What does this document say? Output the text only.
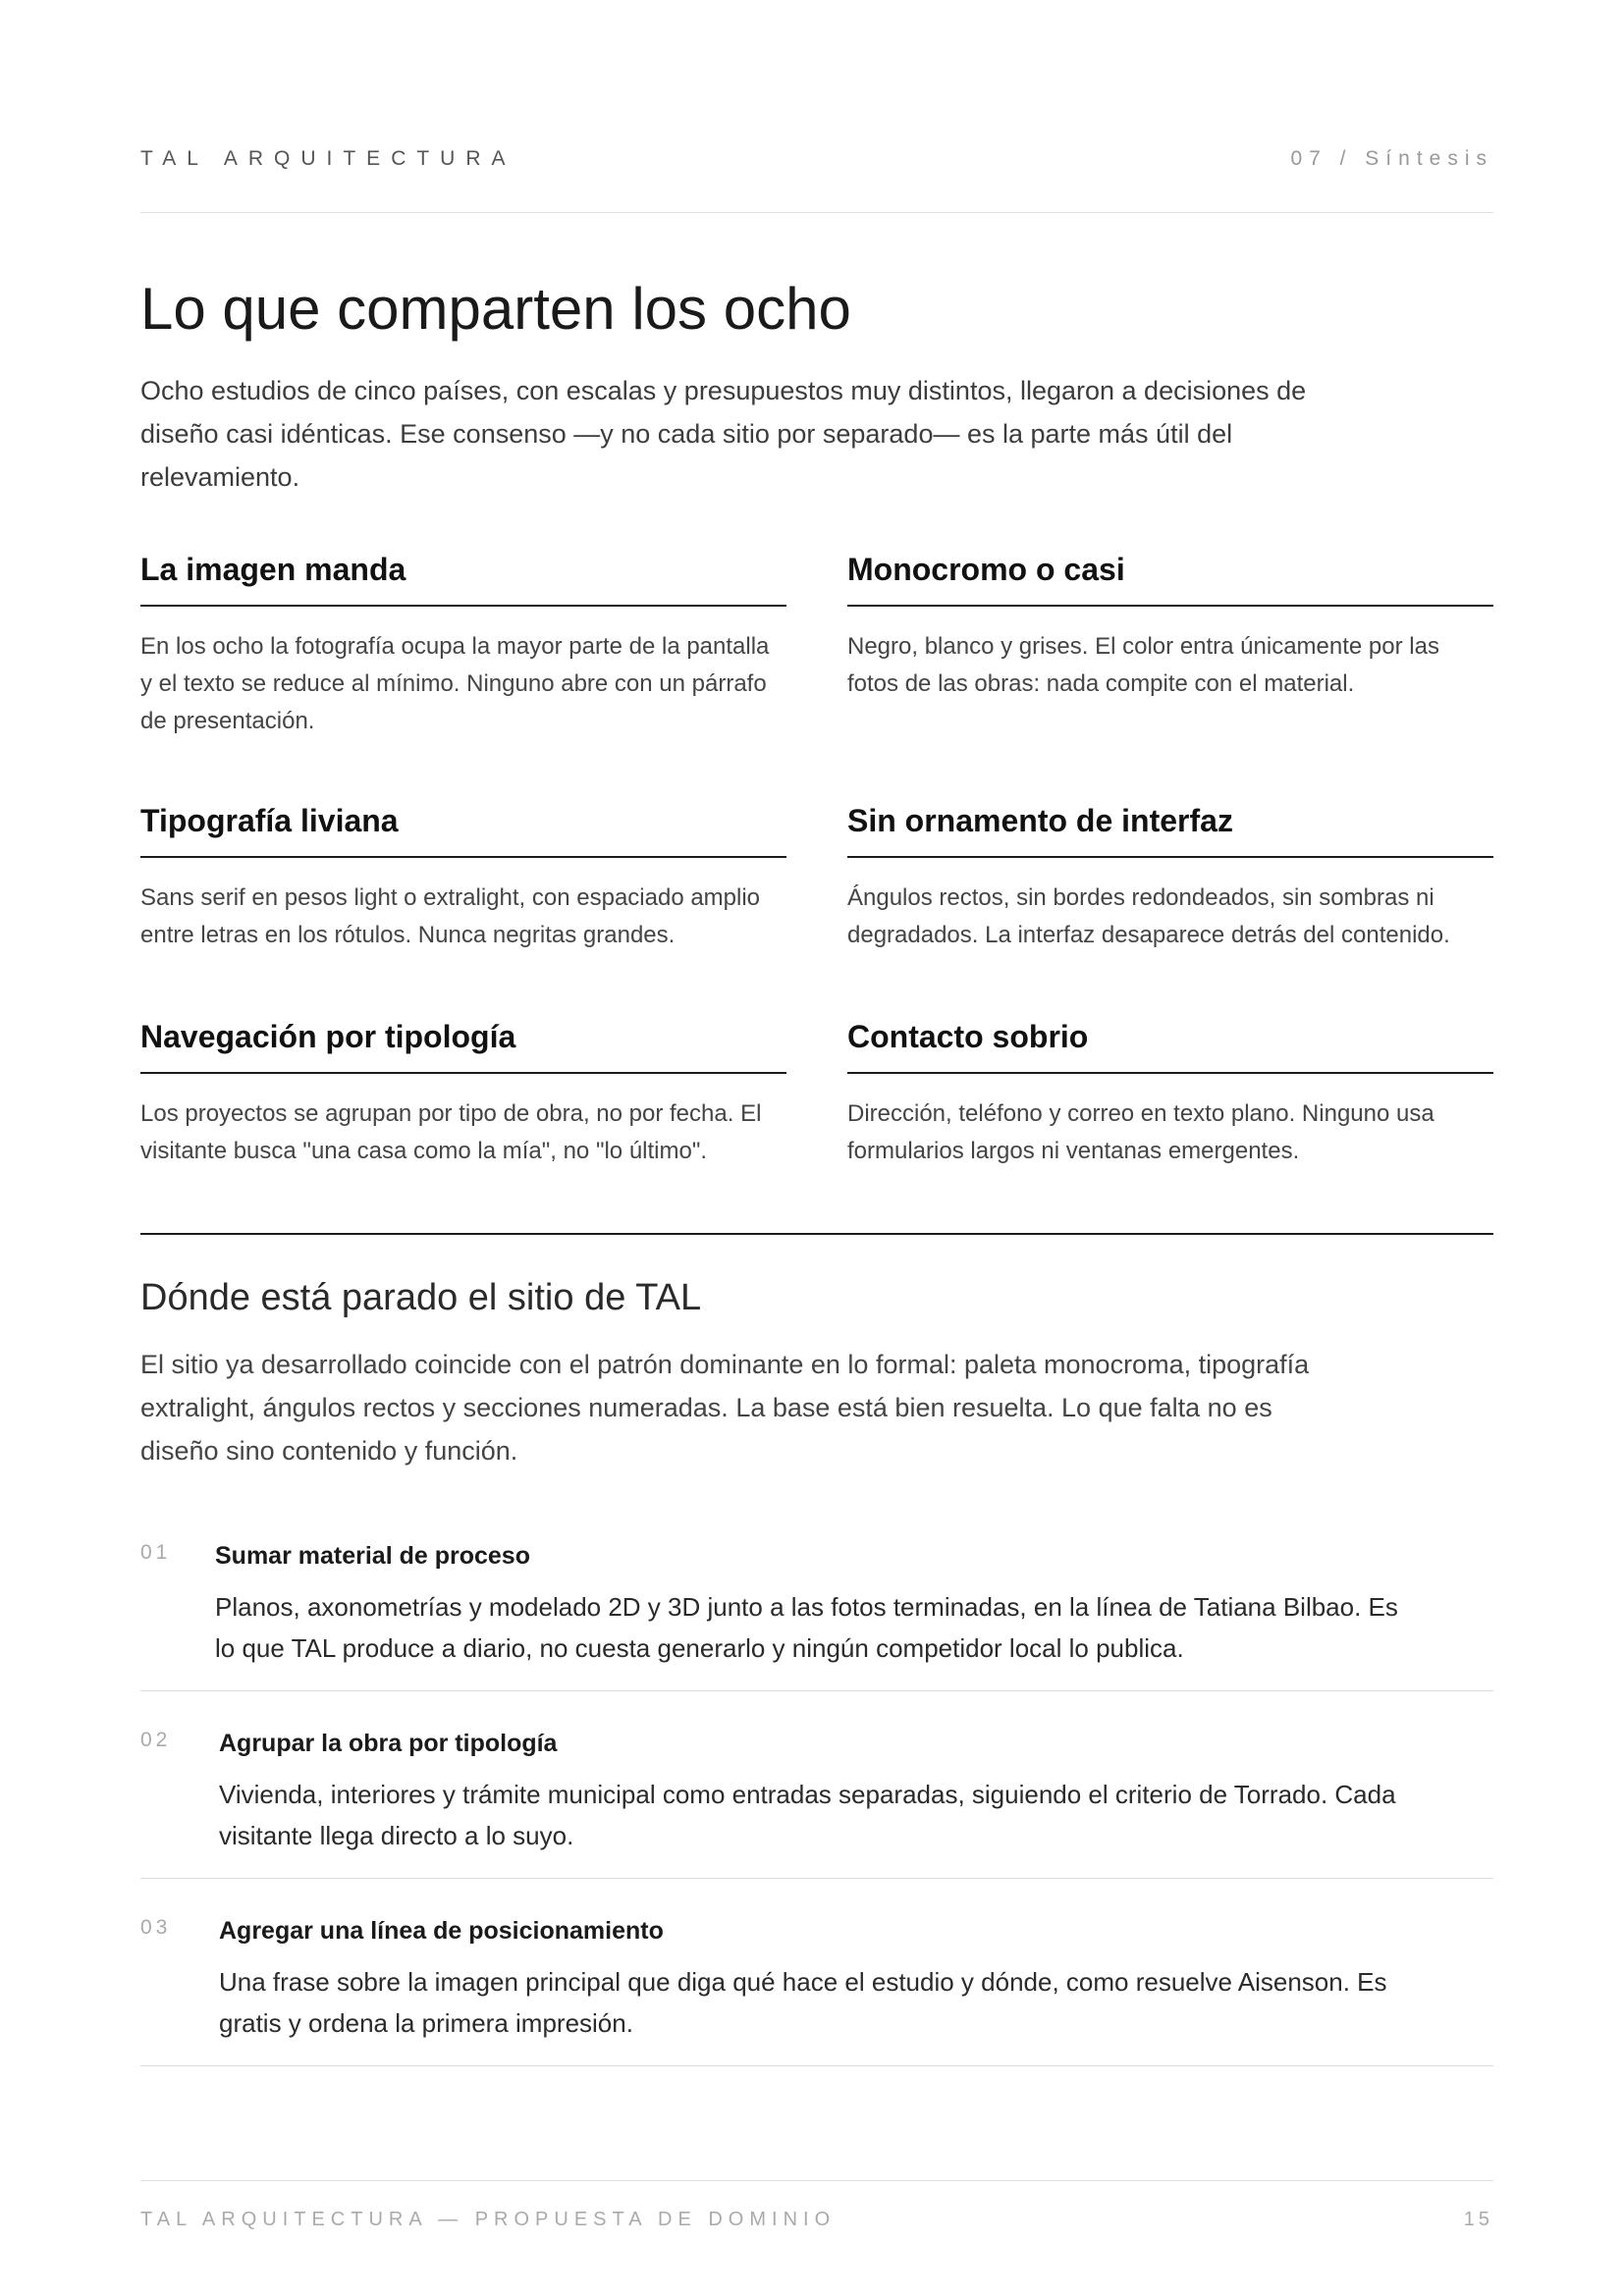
TAL ARQUITECTURA	07 / Síntesis
Lo que comparten los ocho

Ocho estudios de cinco países, con escalas y presupuestos muy distintos, llegaron a decisiones de diseño casi idénticas. Ese consenso —y no cada sitio por separado— es la parte más útil del relevamiento.

La imagen manda

En los ocho la fotografía ocupa la mayor parte de la pantalla y el texto se reduce al mínimo. Ninguno abre con un párrafo de presentación.

Monocromo o casi

Negro, blanco y grises. El color entra únicamente por las fotos de las obras: nada compite con el material.

Tipografía liviana

Sans serif en pesos light o extralight, con espaciado amplio entre letras en los rótulos. Nunca negritas grandes.

Sin ornamento de interfaz

Ángulos rectos, sin bordes redondeados, sin sombras ni degradados. La interfaz desaparece detrás del contenido.

Navegación por tipología

Los proyectos se agrupan por tipo de obra, no por fecha. El visitante busca "una casa como la mía", no "lo último".

Contacto sobrio

Dirección, teléfono y correo en texto plano. Ninguno usa formularios largos ni ventanas emergentes.

Dónde está parado el sitio de TAL

El sitio ya desarrollado coincide con el patrón dominante en lo formal: paleta monocroma, tipografía extralight, ángulos rectos y secciones numeradas. La base está bien resuelta. Lo que falta no es diseño sino contenido y función.

01 Sumar material de proceso

Planos, axonometrías y modelado 2D y 3D junto a las fotos terminadas, en la línea de Tatiana Bilbao. Es lo que TAL produce a diario, no cuesta generarlo y ningún competidor local lo publica.

02 Agrupar la obra por tipología

Vivienda, interiores y trámite municipal como entradas separadas, siguiendo el criterio de Torrado. Cada visitante llega directo a lo suyo.

03 Agregar una línea de posicionamiento

Una frase sobre la imagen principal que diga qué hace el estudio y dónde, como resuelve Aisenson. Es gratis y ordena la primera impresión.

TAL ARQUITECTURA — PROPUESTA DE DOMINIO	15
